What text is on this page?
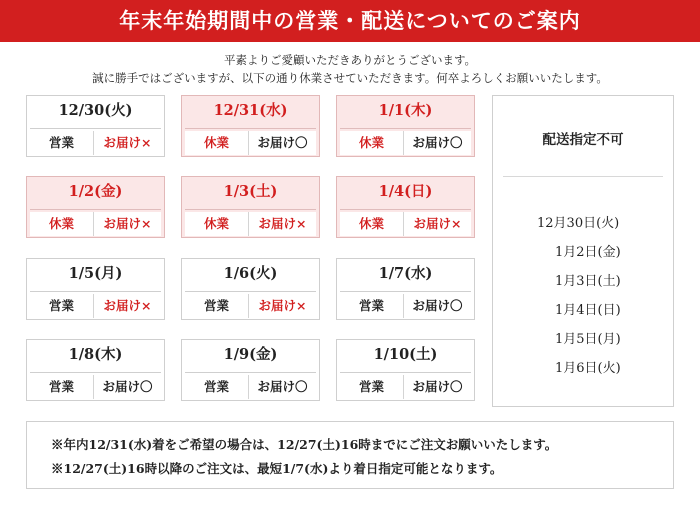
年末年始期間中の営業・配送についてのご案内
平素よりご愛顧いただきありがとうございます。
誠に勝手ではございますが、以下の通り休業させていただきます。何卒よろしくお願いいたします。
12/30(火)
営業	お届け×
12/31(水)
休業	お届け〇
1/1(木)
休業	お届け〇
1/2(金)
休業	お届け×
1/3(土)
休業	お届け×
1/4(日)
休業	お届け×
1/5(月)
営業	お届け×
1/6(火)
営業	お届け×
1/7(水)
営業	お届け〇
1/8(木)
営業	お届け〇
1/9(金)
営業	お届け〇
1/10(土)
営業	お届け〇
配送指定不可
12月30日(火)
1月2日(金)
1月3日(土)
1月4日(日)
1月5日(月)
1月6日(火)
※年内12/31(水)着をご希望の場合は、12/27(土)16時までにご注文お願いいたします。
※12/27(土)16時以降のご注文は、最短1/7(水)より着日指定可能となります。
